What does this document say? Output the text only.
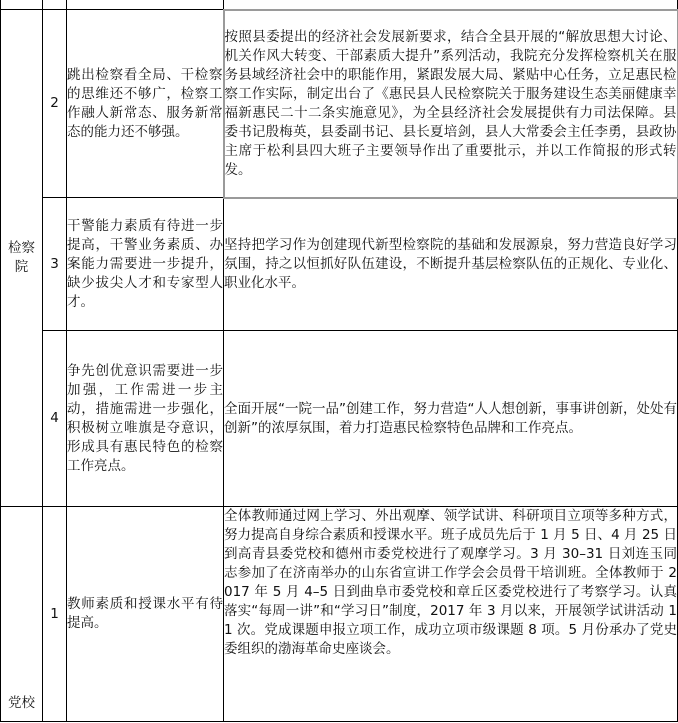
检察院	2	跳出检察看全局、干检察的思维还不够广，检察工作融人新常态、服务新常态的能力还不够强。	按照县委提出的经济社会发展新要求，结合全县开展的“解放思想大讨论、机关作风大转变、干部素质大提升”系列活动，我院充分发挥检察机关在服务县域经济社会中的职能作用，紧跟发展大局、紧贴中心任务，立足惠民检察工作实际，制定出台了《惠民县人民检察院关于服务建设生态美丽健康幸福新惠民二十二条实施意见》，为全县经济社会发展提供有力司法保障。县委书记殷梅英，县委副书记、县长夏培剑，县人大常委会主任李勇，县政协主席于松利县四大班子主要领导作出了重要批示，并以工作简报的形式转发。
	3	干警能力素质有待进一步提高，干警业务素质、办案能力需要进一步提升，缺少拔尖人才和专家型人才。	坚持把学习作为创建现代新型检察院的基础和发展源泉，努力营造良好学习氛围，持之以恒抓好队伍建设，不断提升基层检察队伍的正规化、专业化、职业化水平。
	4	争先创优意识需要进一步加强，工作需进一步主动，措施需进一步强化，积极树立唯旗是夺意识，形成具有惠民特色的检察工作亮点。	全面开展“一院一品”创建工作，努力营造“人人想创新，事事讲创新，处处有创新”的浓厚氛围，着力打造惠民检察特色品牌和工作亮点。
党校	1	教师素质和授课水平有待提高。	全体教师通过网上学习、外出观摩、领学试讲、科研项目立项等多种方式，努力提高自身综合素质和授课水平。班子成员先后于 1 月 5 日、4 月 25 日到高青县委党校和德州市委党校进行了观摩学习。3 月 30–31 日刘连玉同志参加了在济南举办的山东省宣讲工作学会会员骨干培训班。全体教师于 2017 年 5 月 4–5 日到曲阜市委党校和章丘区委党校进行了考察学习。认真落实“每周一讲”和“学习日”制度，2017 年 3 月以来，开展领学试讲活动 11 次。党成课题申报立项工作，成功立项市级课题 8 项。5 月份承办了党史委组织的渤海革命史座谈会。
